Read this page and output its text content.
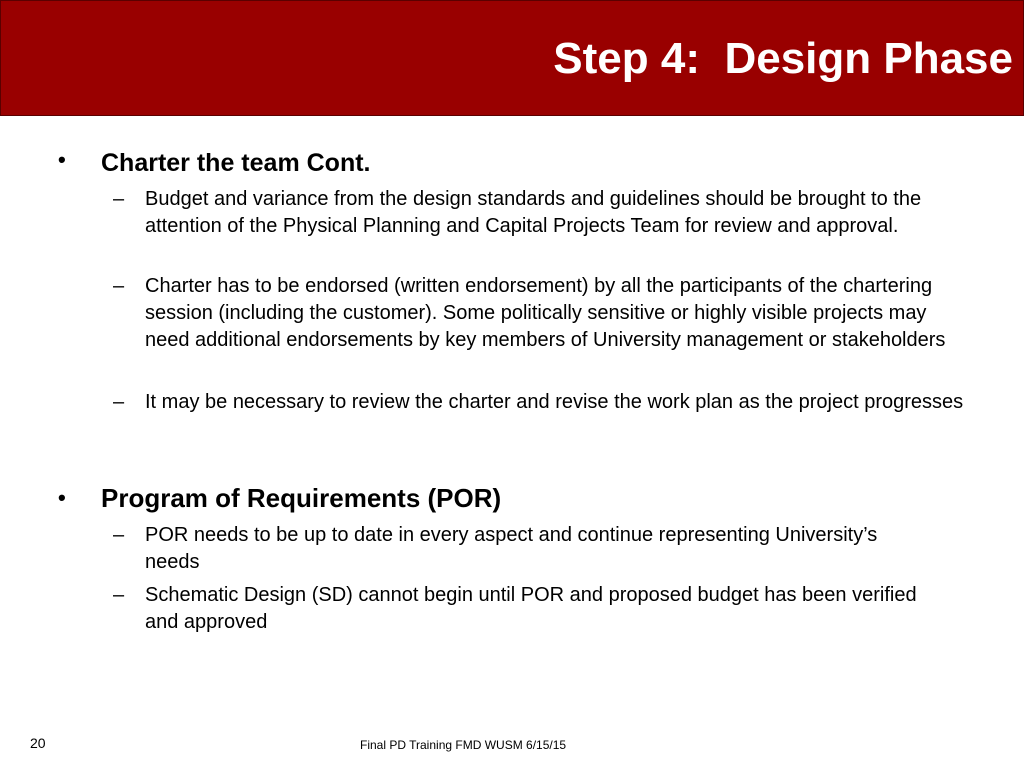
Step 4:  Design Phase
• Charter the team Cont.
– Budget and variance from the design standards and guidelines should be brought to the attention of the Physical Planning and Capital Projects Team for review and approval.
– Charter has to be endorsed (written endorsement) by all the participants of the chartering session (including the customer). Some politically sensitive or highly visible projects may need additional endorsements by key members of University management or stakeholders
– It may be necessary to review the charter and revise the work plan as the project progresses
• Program of Requirements (POR)
– POR needs to be up to date in every aspect and continue representing University’s needs
– Schematic Design (SD) cannot begin until POR and proposed budget has been verified and approved
20	Final PD Training FMD WUSM 6/15/15
